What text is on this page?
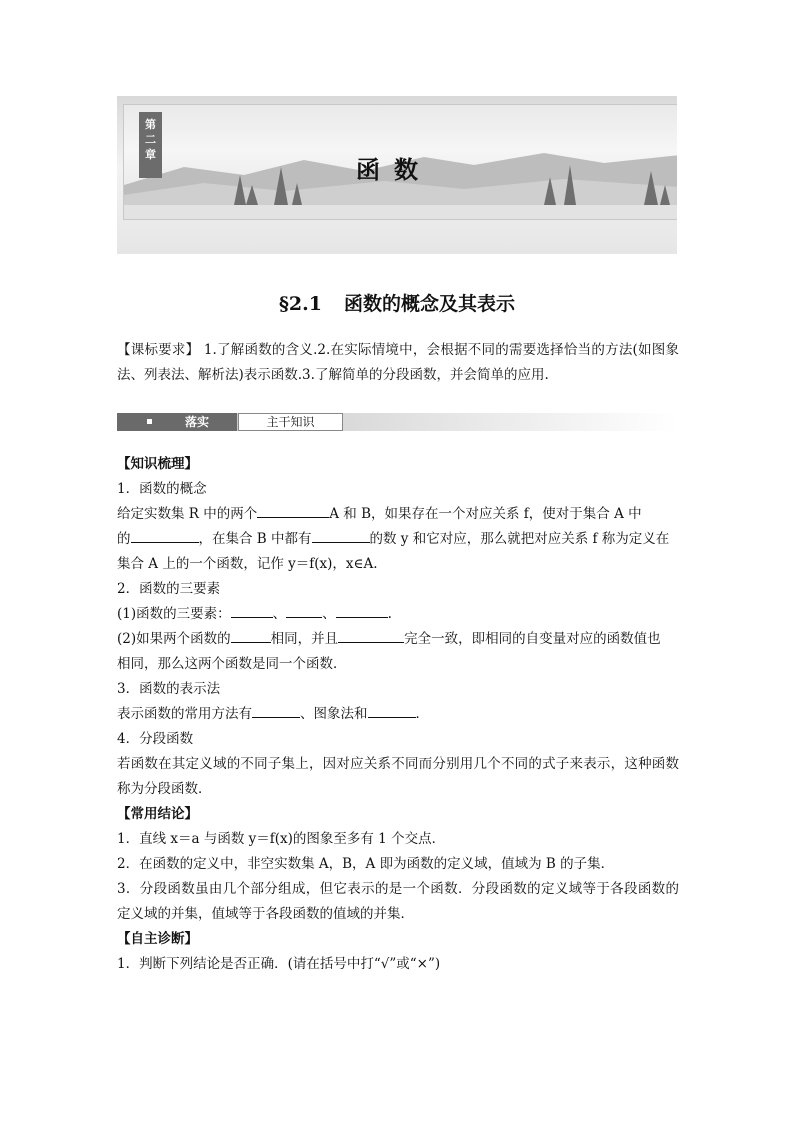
第二章
函数
§2.1 函数的概念及其表示
【课标要求】 1.了解函数的含义.2.在实际情境中，会根据不同的需要选择恰当的方法(如图象法、列表法、解析法)表示函数.3.了解简单的分段函数，并会简单的应用.
落实	主干知识
【知识梳理】
1．函数的概念
给定实数集 R 中的两个	A 和 B，如果存在一个对应关系 f，使对于集合 A 中
的	，在集合 B 中都有	的数 y 和它对应，那么就把对应关系 f 称为定义在
集合 A 上的一个函数，记作 y＝f(x)，x∈A.
2．函数的三要素
(1)函数的三要素：	、	、	.
(2)如果两个函数的	相同，并且	完全一致，即相同的自变量对应的函数值也
相同，那么这两个函数是同一个函数．
3．函数的表示法
表示函数的常用方法有	、图象法和	．
4．分段函数
若函数在其定义域的不同子集上，因对应关系不同而分别用几个不同的式子来表示，这种函数称为分段函数．
【常用结论】
1．直线 x＝a 与函数 y＝f(x)的图象至多有 1 个交点．
2．在函数的定义中，非空实数集 A，B，A 即为函数的定义域，值域为 B 的子集．
3．分段函数虽由几个部分组成，但它表示的是一个函数．分段函数的定义域等于各段函数的定义域的并集，值域等于各段函数的值域的并集．
【自主诊断】
1．判断下列结论是否正确．(请在括号中打“√”或“×”)
